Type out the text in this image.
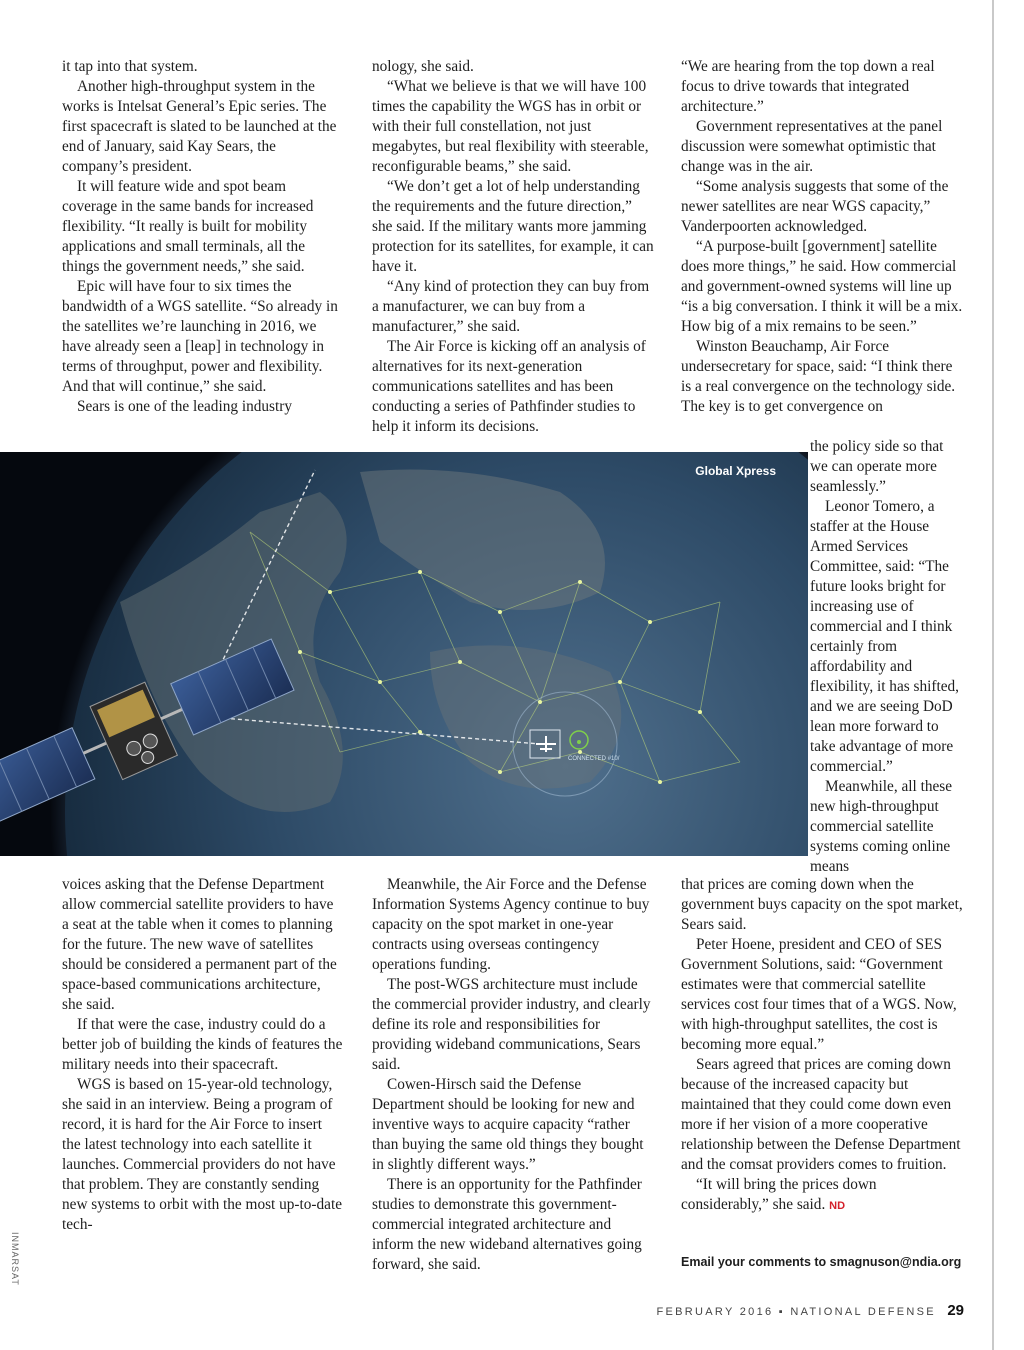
it tap into that system.

Another high-throughput system in the works is Intelsat General’s Epic series. The first spacecraft is slated to be launched at the end of January, said Kay Sears, the company’s president.

It will feature wide and spot beam coverage in the same bands for increased flexibility. “It really is built for mobility applications and small terminals, all the things the government needs,” she said.

Epic will have four to six times the bandwidth of a WGS satellite. “So already in the satellites we’re launching in 2016, we have already seen a [leap] in technology in terms of throughput, power and flexibility. And that will continue,” she said.

Sears is one of the leading industry

nology, she said.

“What we believe is that we will have 100 times the capability the WGS has in orbit or with their full constellation, not just megabytes, but real flexibility with steerable, reconfigurable beams,” she said.

“We don’t get a lot of help understanding the requirements and the future direction,” she said. If the military wants more jamming protection for its satellites, for example, it can have it.

“Any kind of protection they can buy from a manufacturer, we can buy from a manufacturer,” she said.

The Air Force is kicking off an analysis of alternatives for its next-generation communications satellites and has been conducting a series of Pathfinder studies to help it inform its decisions.

“We are hearing from the top down a real focus to drive towards that integrated architecture.”

Government representatives at the panel discussion were somewhat optimistic that change was in the air.

“Some analysis suggests that some of the newer satellites are near WGS capacity,” Vanderpoorten acknowledged.

“A purpose-built [government] satellite does more things,” he said. How commercial and government-owned systems will line up “is a big conversation. I think it will be a mix. How big of a mix remains to be seen.”

Winston Beauchamp, Air Force undersecretary for space, said: “I think there is a real convergence on the technology side. The key is to get convergence on

the policy side so that we can operate more seamlessly.”

Leonor Tomero, a staffer at the House Armed Services Committee, said: “The future looks bright for increasing use of commercial and I think certainly from affordability and flexibility, it has shifted, and we are seeing DoD lean more forward to take advantage of more commercial.”

Meanwhile, all these new high-throughput commercial satellite systems coming online means

CONNECTED #10/
Global Xpress
INMARSAT

voices asking that the Defense Department allow commercial satellite providers to have a seat at the table when it comes to planning for the future. The new wave of satellites should be considered a permanent part of the space-based communications architecture, she said.

If that were the case, industry could do a better job of building the kinds of features the military needs into their spacecraft.

WGS is based on 15-year-old technology, she said in an interview. Being a program of record, it is hard for the Air Force to insert the latest technology into each satellite it launches. Commercial providers do not have that problem. They are constantly sending new systems to orbit with the most up-to-date tech-

Meanwhile, the Air Force and the Defense Information Systems Agency continue to buy capacity on the spot market in one-year contracts using overseas contingency operations funding.

The post-WGS architecture must include the commercial provider industry, and clearly define its role and responsibilities for providing wideband communications, Sears said.

Cowen-Hirsch said the Defense Department should be looking for new and inventive ways to acquire capacity “rather than buying the same old things they bought in slightly different ways.”

There is an opportunity for the Pathfinder studies to demonstrate this government-commercial integrated architecture and inform the new wideband alternatives going forward, she said.

that prices are coming down when the government buys capacity on the spot market, Sears said.

Peter Hoene, president and CEO of SES Government Solutions, said: “Government estimates were that commercial satellite services cost four times that of a WGS. Now, with high-throughput satellites, the cost is becoming more equal.”

Sears agreed that prices are coming down because of the increased capacity but maintained that they could come down even more if her vision of a more cooperative relationship between the Defense Department and the comsat providers comes to fruition.

“It will bring the prices down considerably,” she said. ND

Email your comments to smagnuson@ndia.org
FEBRUARY 2016 ▪ NATIONAL DEFENSE 29
